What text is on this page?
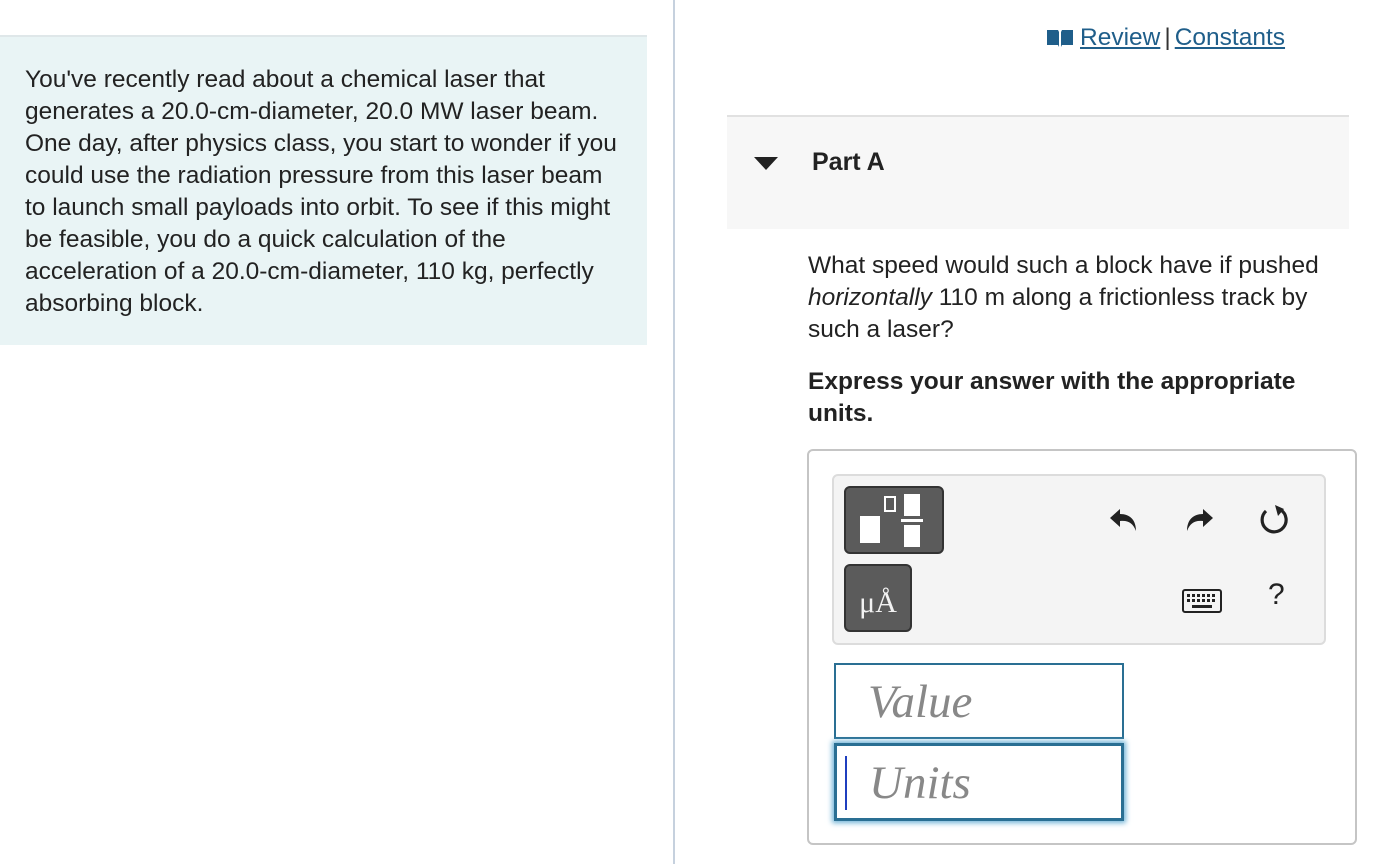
You've recently read about a chemical laser that generates a 20.0-cm-diameter, 20.0 MW laser beam. One day, after physics class, you start to wonder if you could use the radiation pressure from this laser beam to launch small payloads into orbit. To see if this might be feasible, you do a quick calculation of the acceleration of a 20.0-cm-diameter, 110 kg, perfectly absorbing block.
Review | Constants
Part A
What speed would such a block have if pushed horizontally 110 m along a frictionless track by such a laser?
Express your answer with the appropriate units.
μÅ	?
Value
Units
